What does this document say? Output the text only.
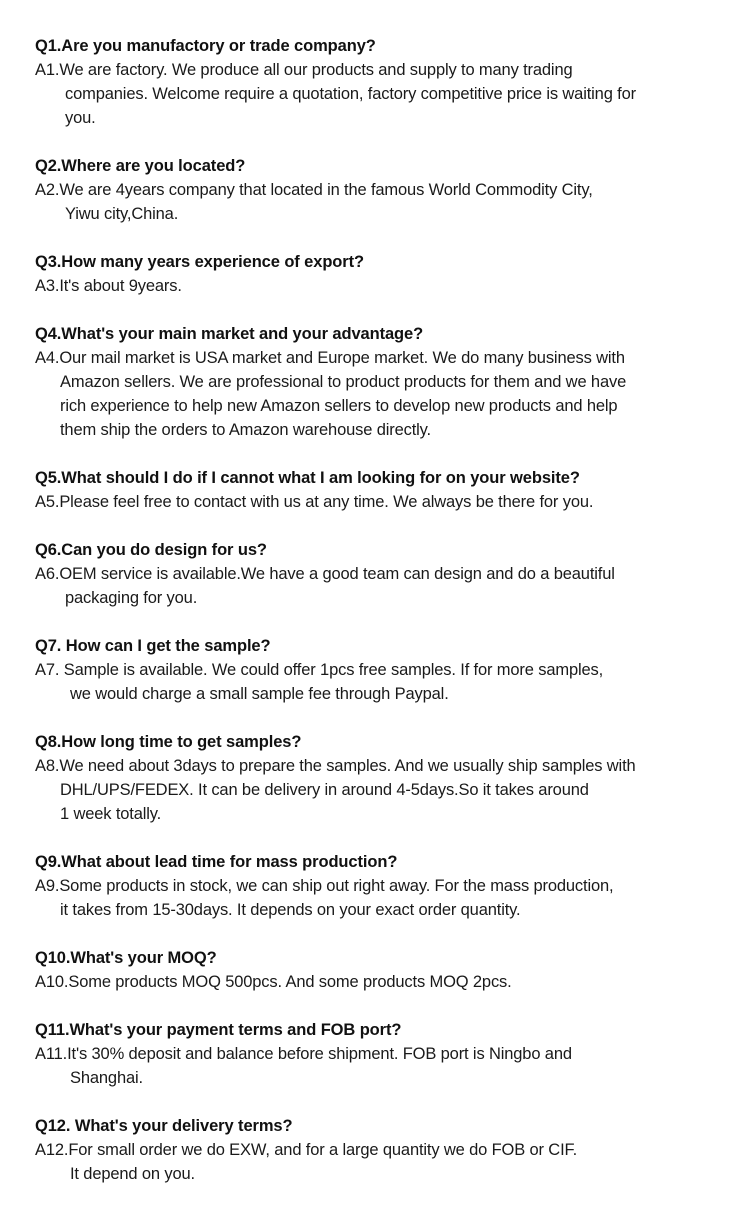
Q1.Are you manufactory or trade company?
A1.We are factory. We produce all our products and supply to many trading
companies. Welcome require a quotation, factory competitive price is waiting for
you.
Q2.Where are you located?
A2.We are 4years company that located in the famous World Commodity City,
Yiwu city,China.
Q3.How many years experience of export?
A3.It's about 9years.
Q4.What's your main market and your advantage?
A4.Our mail market is USA market and Europe market. We do many business with
Amazon sellers. We are professional to product products for them and we have
rich experience to help new Amazon sellers to develop new products and help
them ship the orders to Amazon warehouse directly.
Q5.What should I do if I cannot what I am looking for on your website?
A5.Please feel free to contact with us at any time. We always be there for you.
Q6.Can you do design for us?
A6.OEM service is available.We have a good team can design and do a beautiful
packaging for you.
Q7. How can I get the sample?
A7. Sample is available. We could offer 1pcs free samples. If for more samples,
we would charge a small sample fee through Paypal.
Q8.How long time to get samples?
A8.We need about 3days to prepare the samples. And we usually ship samples with
DHL/UPS/FEDEX. It can be delivery in around 4-5days.So it takes around
1 week totally.
Q9.What about lead time for mass production?
A9.Some products in stock, we can ship out right away. For the mass production,
it takes from 15-30days. It depends on your exact order quantity.
Q10.What's your MOQ?
A10.Some products MOQ 500pcs. And some products MOQ 2pcs.
Q11.What's your payment terms and FOB port?
A11.It's 30% deposit and balance before shipment. FOB port is Ningbo and
Shanghai.
Q12. What's your delivery terms?
A12.For small order we do EXW, and for a large quantity we do FOB or CIF.
It depend on you.
